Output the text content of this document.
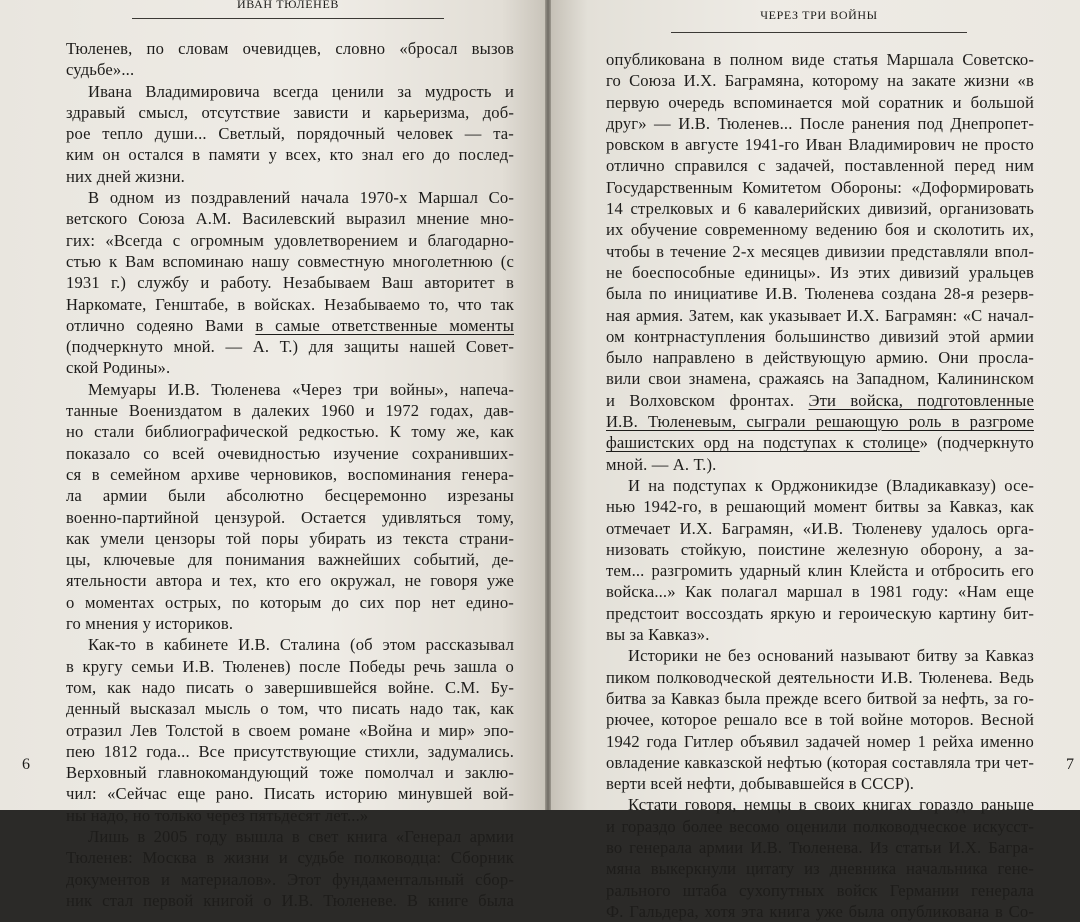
ИВАН ТЮЛЕНЕВ
Тюленев, по словам очевидцев, словно «бросал вызов
судьбе»...
Ивана Владимировича всегда ценили за мудрость и
здравый смысл, отсутствие зависти и карьеризма, доб-
рое тепло души... Светлый, порядочный человек — та-
ким он остался в памяти у всех, кто знал его до послед-
них дней жизни.
В одном из поздравлений начала 1970-х Маршал Со-
ветского Союза А.М. Василевский выразил мнение мно-
гих: «Всегда с огромным удовлетворением и благодарно-
стью к Вам вспоминаю нашу совместную многолетнюю (с
1931 г.) службу и работу. Незабываем Ваш авторитет в
Наркомате, Генштабе, в войсках. Незабываемо то, что так
отлично содеяно Вами в самые ответственные моменты
(подчеркнуто мной. — А. Т.) для защиты нашей Совет-
ской Родины».
Мемуары И.В. Тюленева «Через три войны», напеча-
танные Воениздатом в далеких 1960 и 1972 годах, дав-
но стали библиографической редкостью. К тому же, как
показало со всей очевидностью изучение сохранивших-
ся в семейном архиве черновиков, воспоминания генера-
ла армии были абсолютно бесцеремонно изрезаны
военно-партийной цензурой. Остается удивляться тому,
как умели цензоры той поры убирать из текста страни-
цы, ключевые для понимания важнейших событий, де-
ятельности автора и тех, кто его окружал, не говоря уже
о моментах острых, по которым до сих пор нет едино-
го мнения у историков.
Как-то в кабинете И.В. Сталина (об этом рассказывал
в кругу семьи И.В. Тюленев) после Победы речь зашла о
том, как надо писать о завершившейся войне. С.М. Бу-
денный высказал мысль о том, что писать надо так, как
отразил Лев Толстой в своем романе «Война и мир» эпо-
пею 1812 года... Все присутствующие стихли, задумались.
Верховный главнокомандующий тоже помолчал и заклю-
чил: «Сейчас еще рано. Писать историю минувшей вой-
ны надо, но только через пятьдесят лет...»
Лишь в 2005 году вышла в свет книга «Генерал армии
Тюленев: Москва в жизни и судьбе полководца: Сборник
документов и материалов». Этот фундаментальный сбор-
ник стал первой книгой о И.В. Тюленеве. В книге была
6
ЧЕРЕЗ ТРИ ВОЙНЫ
опубликована в полном виде статья Маршала Советско-
го Союза И.Х. Баграмяна, которому на закате жизни «в
первую очередь вспоминается мой соратник и большой
друг» — И.В. Тюленев... После ранения под Днепропет-
ровском в августе 1941-го Иван Владимирович не просто
отлично справился с задачей, поставленной перед ним
Государственным Комитетом Обороны: «Доформировать
14 стрелковых и 6 кавалерийских дивизий, организовать
их обучение современному ведению боя и сколотить их,
чтобы в течение 2-х месяцев дивизии представляли впол-
не боеспособные единицы». Из этих дивизий уральцев
была по инициативе И.В. Тюленева создана 28-я резерв-
ная армия. Затем, как указывает И.Х. Баграмян: «С начал-
ом контрнаступления большинство дивизий этой армии
было направлено в действующую армию. Они просла-
вили свои знамена, сражаясь на Западном, Калининском
и Волховском фронтах. Эти войска, подготовленные
И.В. Тюленевым, сыграли решающую роль в разгроме
фашистских орд на подступах к столице» (подчеркнуто
мной. — А. Т.).
И на подступах к Орджоникидзе (Владикавказу) осе-
нью 1942-го, в решающий момент битвы за Кавказ, как
отмечает И.Х. Баграмян, «И.В. Тюленеву удалось орга-
низовать стойкую, поистине железную оборону, а за-
тем... разгромить ударный клин Клейста и отбросить его
войска...» Как полагал маршал в 1981 году: «Нам еще
предстоит воссоздать яркую и героическую картину бит-
вы за Кавказ».
Историки не без оснований называют битву за Кавказ
пиком полководческой деятельности И.В. Тюленева. Ведь
битва за Кавказ была прежде всего битвой за нефть, за го-
рючее, которое решало все в той войне моторов. Весной
1942 года Гитлер объявил задачей номер 1 рейха именно
овладение кавказской нефтью (которая составляла три чет-
верти всей нефти, добывавшейся в СССР).
Кстати говоря, немцы в своих книгах гораздо раньше
и гораздо более весомо оценили полководческое искусст-
во генерала армии И.В. Тюленева. Из статьи И.Х. Багра-
мяна выкеркнули цитату из дневника начальника гене-
рального штаба сухопутных войск Германии генерала
Ф. Гальдера, хотя эта книга уже была опубликована в Со-
7
